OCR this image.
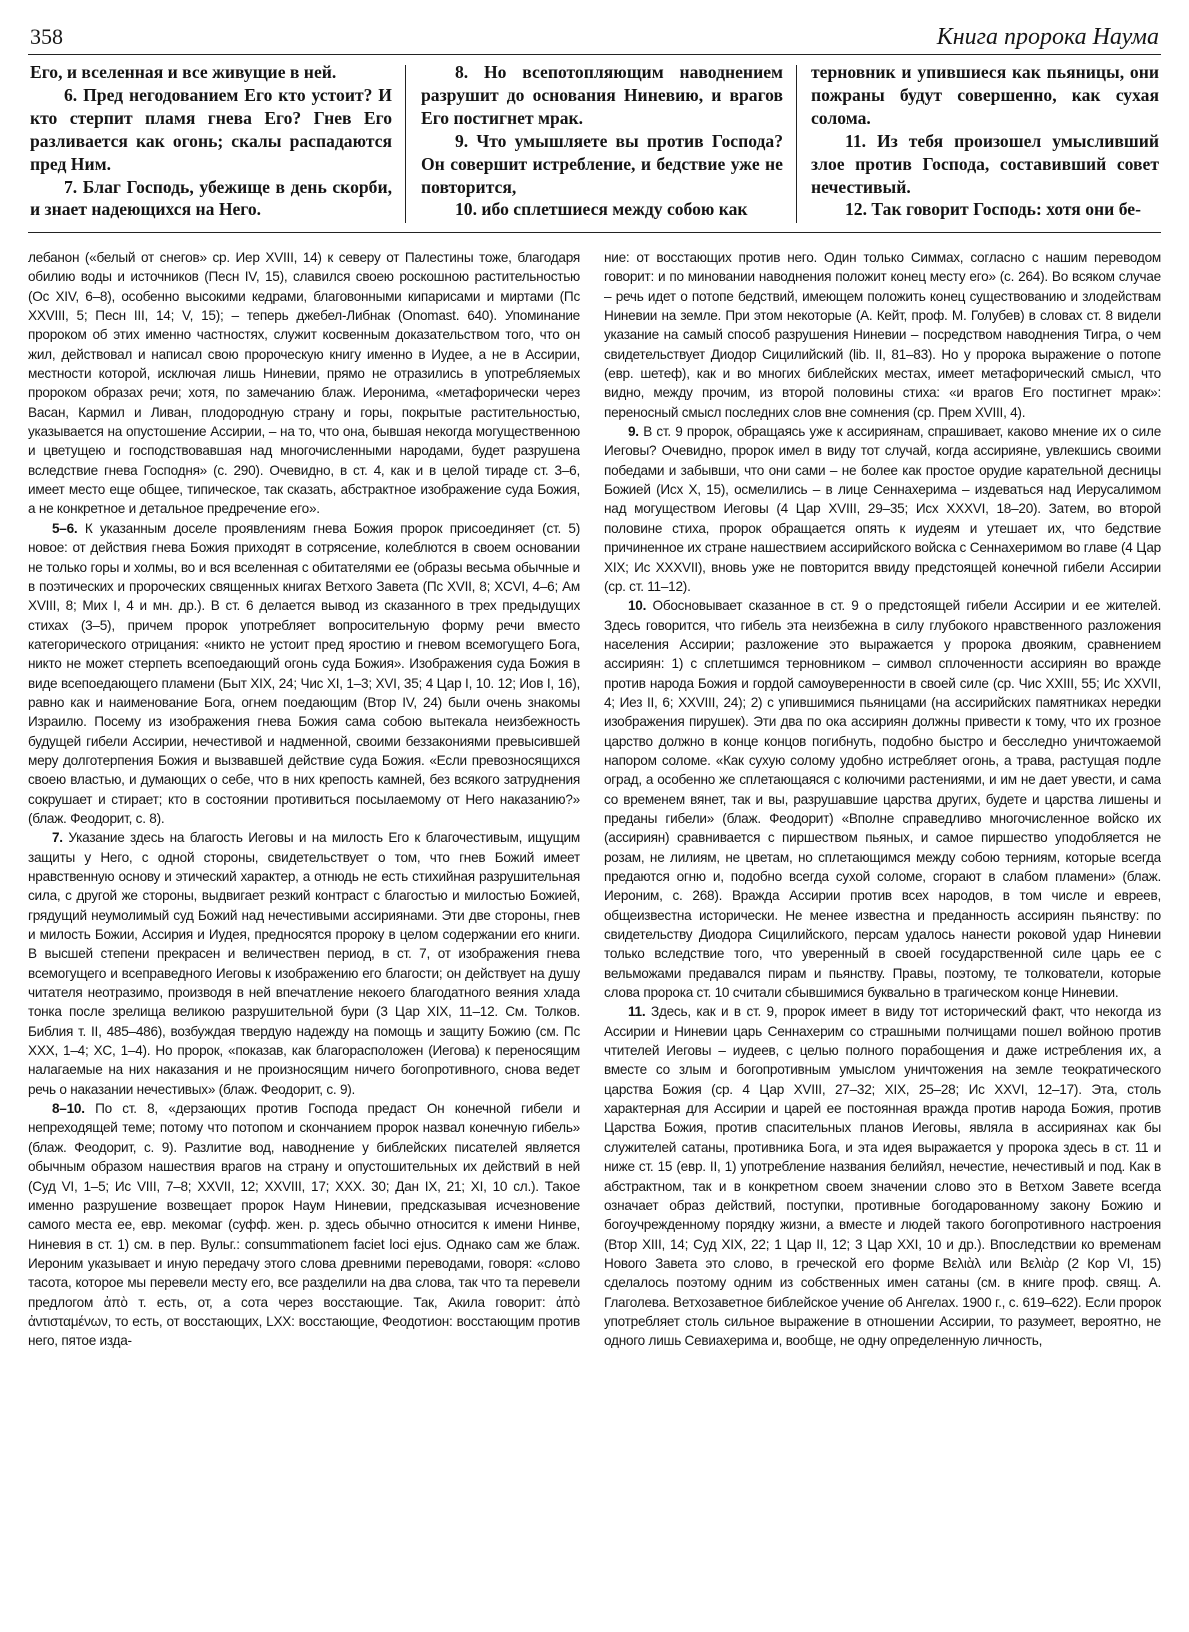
358	Книга пророка Наума

Его, и вселенная и все живущие в ней.

6. Пред негодованием Его кто устоит? И кто стерпит пламя гнева Его? Гнев Его разливается как огонь; скалы распадаются пред Ним.

7. Благ Господь, убежище в день скорби, и знает надеющихся на Него.

8. Но всепотопляющим наводнением разрушит до основания Ниневию, и врагов Его постигнет мрак.

9. Что умышляете вы против Господа? Он совершит истребление, и бедствие уже не повторится,

10. ибо сплетшиеся между собою как

терновник и упившиеся как пьяницы, они пожраны будут совершенно, как сухая солома.

11. Из тебя произошел умысливший злое против Господа, составивший совет нечестивый.

12. Так говорит Господь: хотя они бе-

лебанон («белый от снегов» ср. Иер XVIII, 14) к северу от Палестины тоже, благодаря обилию воды и источников (Песн IV, 15), славился своею роскошною растительностью (Ос XIV, 6–8), особенно высокими кедрами, благовонными кипарисами и миртами (Пс XXVIII, 5; Песн III, 14; V, 15); – теперь джебел-Либнак (Onomast. 640). Упоминание пророком об этих именно частностях, служит косвенным доказательством того, что он жил, действовал и написал свою пророческую книгу именно в Иудее, а не в Ассирии, местности которой, исключая лишь Ниневии, прямо не отразились в употребляемых пророком образах речи; хотя, по замечанию блаж. Иеронима, «метафорически через Васан, Кармил и Ливан, плодородную страну и горы, покрытые растительностью, указывается на опустошение Ассирии, – на то, что она, бывшая некогда могущественною и цветущею и господствовавшая над многочисленными народами, будет разрушена вследствие гнева Господня» (с. 290). Очевидно, в ст. 4, как и в целой тираде ст. 3–6, имеет место еще общее, типическое, так сказать, абстрактное изображение суда Божия, а не конкретное и детальное предречение его».

5–6. К указанным доселе проявлениям гнева Божия пророк присоединяет (ст. 5) новое: от действия гнева Божия приходят в сотрясение, колеблются в своем основании не только горы и холмы, во и вся вселенная с обитателями ее (образы весьма обычные и в поэтических и пророческих священных книгах Ветхого Завета (Пс XVII, 8; XCVI, 4–6; Ам XVIII, 8; Мих I, 4 и мн. др.). В ст. 6 делается вывод из сказанного в трех предыдущих стихах (3–5), причем пророк употребляет вопросительную форму речи вместо категорического отрицания: «никто не устоит пред яростию и гневом всемогущего Бога, никто не может стерпеть всепоедающий огонь суда Божия». Изображения суда Божия в виде всепоедающего пламени (Быт XIX, 24; Чис XI, 1–3; XVI, 35; 4 Цар I, 10. 12; Иов I, 16), равно как и наименование Бога, огнем поедающим (Втор IV, 24) были очень знакомы Израилю. Посему из изображения гнева Божия сама собою вытекала неизбежность будущей гибели Ассирии, нечестивой и надменной, своими беззакониями превысившей меру долготерпения Божия и вызвавшей действие суда Божия. «Если превозносящихся своею властью, и думающих о себе, что в них крепость камней, без всякого затруднения сокрушает и стирает; кто в состоянии противиться посылаемому от Него наказанию?» (блаж. Феодорит, с. 8).

7. Указание здесь на благость Иеговы и на милость Его к благочестивым, ищущим защиты у Него, с одной стороны, свидетельствует о том, что гнев Божий имеет нравственную основу и этический характер, а отнюдь не есть стихийная разрушительная сила, с другой же стороны, выдвигает резкий контраст с благостью и милостью Божией, грядущий неумолимый суд Божий над нечестивыми ассириянами. Эти две стороны, гнев и милость Божии, Ассирия и Иудея, предносятся пророку в целом содержании его книги. В высшей степени прекрасен и величествен период, в ст. 7, от изображения гнева всемогущего и всеправедного Иеговы к изображению его благости; он действует на душу читателя неотразимо, производя в ней впечатление некоего благодатного веяния хлада тонка после зрелища великою разрушительной бури (3 Цар XIX, 11–12. См. Толков. Библия т. II, 485–486), возбуждая твердую надежду на помощь и защиту Божию (см. Пс XXX, 1–4; XC, 1–4). Но пророк, «показав, как благорасположен (Иегова) к переносящим налагаемые на них наказания и не произносящим ничего богопротивного, снова ведет речь о наказании нечестивых» (блаж. Феодорит, с. 9).

8–10. По ст. 8, «дерзающих против Господа предаст Он конечной гибели и непреходящей теме; потому что потопом и скончанием пророк назвал конечную гибель» (блаж. Феодорит, с. 9). Разлитие вод, наводнение у библейских писателей является обычным образом нашествия врагов на страну и опустошительных их действий в ней (Суд VI, 1–5; Ис VIII, 7–8; XXVII, 12; XXVIII, 17; XXX. 30; Дан IX, 21; XI, 10 сл.). Такое именно разрушение возвещает пророк Наум Ниневии, предсказывая исчезновение самого места ее, евр. мекомаг (суфф. жен. р. здесь обычно относится к имени Нинве, Ниневия в ст. 1) см. в пер. Вульг.: consummationem faciet loci ejus. Однако сам же блаж. Иероним указывает и иную передачу этого слова древними переводами, говоря: «слово тасота, которое мы перевели месту его, все разделили на два слова, так что та перевели предлогом ἀπὸ т. есть, от, а сота через восстающие. Так, Акила говорит: ἀπὸ ἀντισταμένων, то есть, от восстающих, LXX: восстающие, Феодотион: восстающим против него, пятое изда-

ние: от восстающих против него. Один только Симмах, согласно с нашим переводом говорит: и по миновании наводнения положит конец месту его» (с. 264). Во всяком случае – речь идет о потопе бедствий, имеющем положить конец существованию и злодействам Ниневии на земле. При этом некоторые (А. Кейт, проф. М. Голубев) в словах ст. 8 видели указание на самый способ разрушения Ниневии – посредством наводнения Тигра, о чем свидетельствует Диодор Сицилийский (lib. II, 81–83). Но у пророка выражение о потопе (евр. шетеф), как и во многих библейских местах, имеет метафорический смысл, что видно, между прочим, из второй половины стиха: «и врагов Его постигнет мрак»: переносный смысл последних слов вне сомнения (ср. Прем XVIII, 4).

9. В ст. 9 пророк, обращаясь уже к ассириянам, спрашивает, каково мнение их о силе Иеговы? Очевидно, пророк имел в виду тот случай, когда ассириянe, увлекшись своими победами и забывши, что они сами – не более как простое орудие карательной десницы Божией (Исх X, 15), осмелились – в лице Сеннахерима – издеваться над Иерусалимом над могуществом Иеговы (4 Цар XVIII, 29–35; Исх XXXVI, 18–20). Затем, во второй половине стиха, пророк обращается опять к иудеям и утешает их, что бедствие причиненное их стране нашествием ассирийского войска с Сеннахеримом во главе (4 Цар XIX; Ис XXXVII), вновь уже не повторится ввиду предстоящей конечной гибели Ассирии (ср. ст. 11–12).

10. Обосновывает сказанное в ст. 9 о предстоящей гибели Ассирии и ее жителей. Здесь говорится, что гибель эта неизбежна в силу глубокого нравственного разложения населения Ассирии; разложение это выражается у пророка двояким, сравнением ассириян: 1) с сплетшимся терновником – символ сплоченности ассириян во вражде против народа Божия и гордой самоуверенности в своей силе (ср. Чис XXIII, 55; Ис XXVII, 4; Иез II, 6; XXVIII, 24); 2) с упившимися пьяницами (на ассирийских памятниках нередки изображения пирушек). Эти два по ока ассириян должны привести к тому, что их грозное царство должно в конце концов погибнуть, подобно быстро и бесследно уничтожаемой напором соломе. «Как сухую солому удобно истребляет огонь, а трава, растущая подле оград, а особенно же сплетающаяся с колючими растениями, и им не дает увести, и сама со временем вянет, так и вы, разрушавшие царства других, будете и царства лишены и преданы гибели» (блаж. Феодорит) «Вполне справедливо многочисленное войско их (ассириян) сравнивается с пиршеством пьяных, и самое пиршество уподобляется не розам, не лилиям, не цветам, но сплетающимся между собою терниям, которые всегда предаются огню и, подобно всегда сухой соломе, сгорают в слабом пламени» (блаж. Иероним, с. 268). Вражда Ассирии против всех народов, в том числе и евреев, общеизвестна исторически. Не менее известна и преданность ассириян пьянству: по свидетельству Диодора Сицилийского, персам удалось нанести роковой удар Ниневии только вследствие того, что уверенный в своей государственной силе царь ее с вельможами предавался пирам и пьянству. Правы, поэтому, те толкователи, которые слова пророка ст. 10 считали сбывшимися буквально в трагическом конце Ниневии.

11. Здесь, как и в ст. 9, пророк имеет в виду тот исторический факт, что некогда из Ассирии и Ниневии царь Сеннахерим со страшными полчищами пошел войною против чтителей Иеговы – иудеев, с целью полного порабощения и даже истребления их, а вместе со злым и богопротивным умыслом уничтожения на земле теократического царства Божия (ср. 4 Цар XVIII, 27–32; XIX, 25–28; Ис XXVI, 12–17). Эта, столь характерная для Ассирии и царей ее постоянная вражда против народа Божия, против Царства Божия, против спасительных планов Иеговы, являла в ассириянах как бы служителей сатаны, противника Бога, и эта идея выражается у пророка здесь в ст. 11 и ниже ст. 15 (евр. II, 1) употребление названия белийял, нечестие, нечестивый и под. Как в абстрактном, так и в конкретном своем значении слово это в Ветхом Завете всегда означает образ действий, поступки, противные богодарованному закону Божию и богоучрежденному порядку жизни, а вместе и людей такого богопротивного настроения (Втор XIII, 14; Суд XIX, 22; 1 Цар II, 12; 3 Цар XXI, 10 и др.). Впоследствии ко временам Нового Завета это слово, в греческой его форме Βελιὰλ или Βελιὰρ (2 Кор VI, 15) сделалось поэтому одним из собственных имен сатаны (см. в книге проф. свящ. А. Глаголева. Ветхозаветное библейское учение об Ангелах. 1900 г., с. 619–622). Если пророк употребляет столь сильное выражение в отношении Ассирии, то разумеет, вероятно, не одного лишь Севиахерима и, вообще, не одну определенную личность,
